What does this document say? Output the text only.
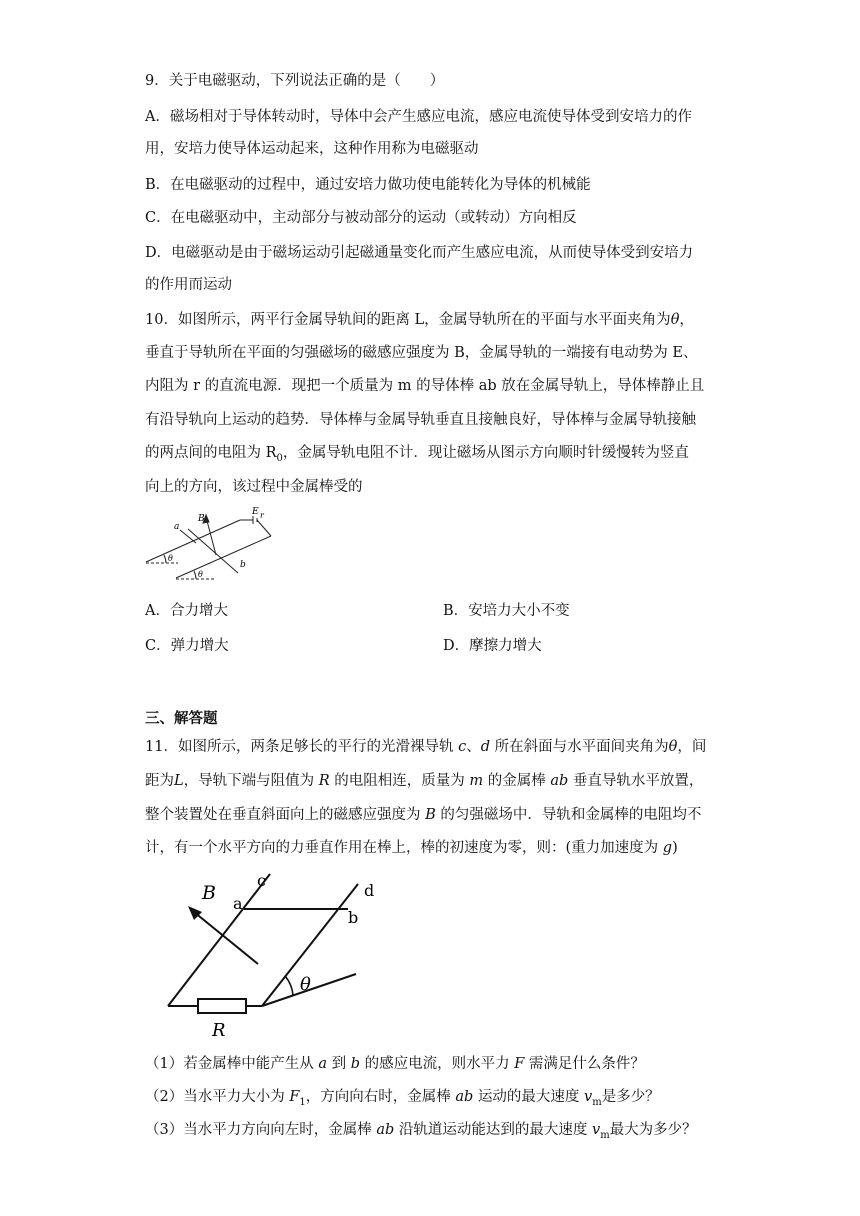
9．关于电磁驱动，下列说法正确的是（　　）
A．磁场相对于导体转动时，导体中会产生感应电流，感应电流使导体受到安培力的作
用，安培力使导体运动起来，这种作用称为电磁驱动
B．在电磁驱动的过程中，通过安培力做功使电能转化为导体的机械能
C．在电磁驱动中，主动部分与被动部分的运动（或转动）方向相反
D．电磁驱动是由于磁场运动引起磁通量变化而产生感应电流，从而使导体受到安培力
的作用而运动
10．如图所示，两平行金属导轨间的距离 L，金属导轨所在的平面与水平面夹角为θ，
垂直于导轨所在平面的匀强磁场的磁感应强度为 B，金属导轨的一端接有电动势为 E、
内阻为 r 的直流电源．现把一个质量为 m 的导体棒 ab 放在金属导轨上，导体棒静止且
有沿导轨向上运动的趋势．导体棒与金属导轨垂直且接触良好，导体棒与金属导轨接触
的两点间的电阻为 $R_0$，金属导轨电阻不计．现让磁场从图示方向顺时针缓慢转为竖直
向上的方向，该过程中金属棒受的
a
B
E r
b
θ
θ
A．合力增大	B．安培力大小不变
C．弹力增大	D．摩擦力增大
三、解答题
11．如图所示，两条足够长的平行的光滑裸导轨 c、d 所在斜面与水平面间夹角为θ，间
距为L，导轨下端与阻值为 R 的电阻相连，质量为 m 的金属棒 ab 垂直导轨水平放置，
整个装置处在垂直斜面向上的磁感应强度为 B 的匀强磁场中．导轨和金属棒的电阻均不
计，有一个水平方向的力垂直作用在棒上，棒的初速度为零，则：(重力加速度为 g)
B
c
a
d
b
θ
R
（1）若金属棒中能产生从 a 到 b 的感应电流，则水平力 F 需满足什么条件？
（2）当水平力大小为 $F_1$，方向向右时，金属棒 ab 运动的最大速度 $v_m$是多少？
（3）当水平力方向向左时，金属棒 ab 沿轨道运动能达到的最大速度 $v_m$最大为多少？
